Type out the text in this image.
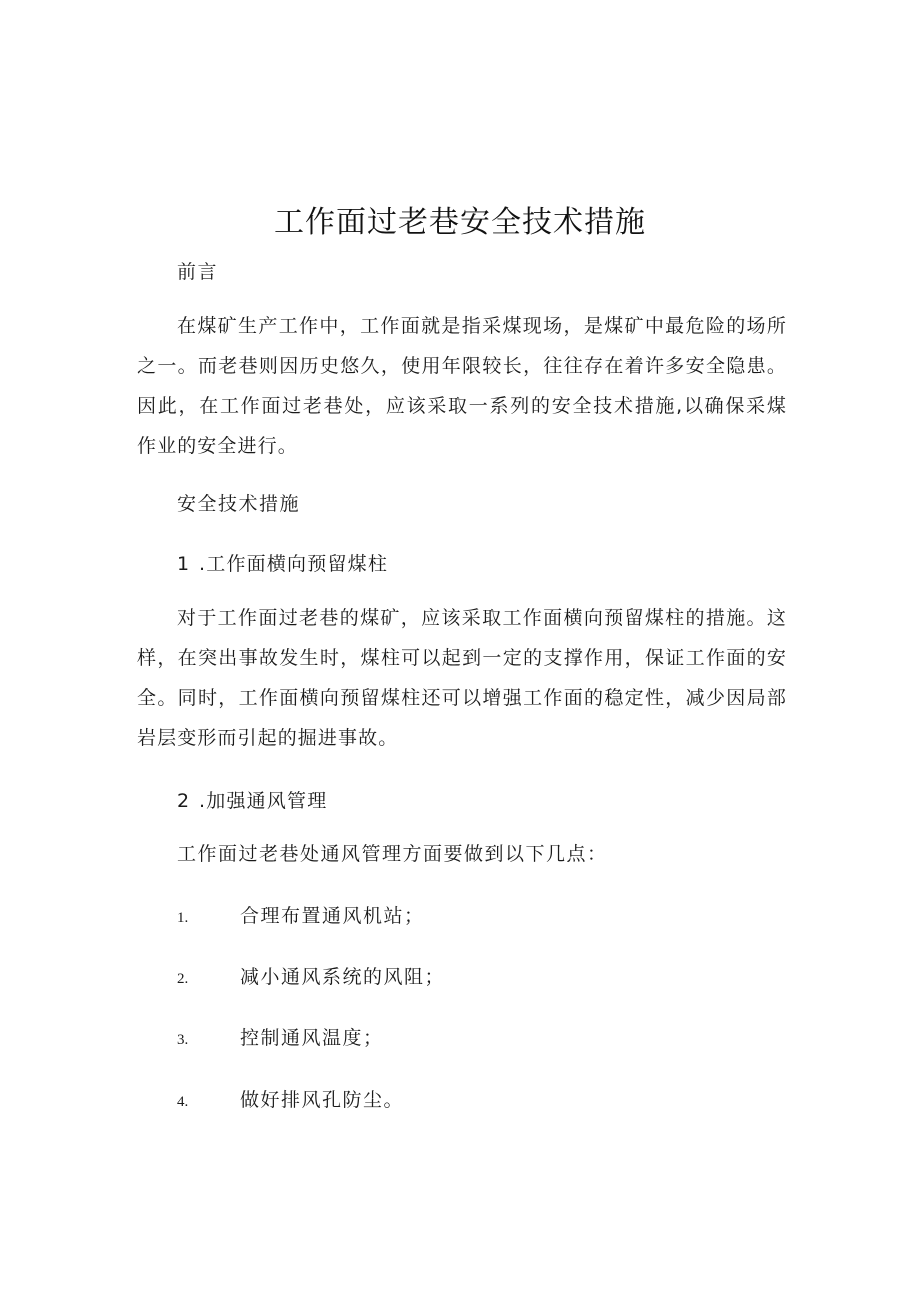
工作面过老巷安全技术措施

前言

在煤矿生产工作中，工作面就是指采煤现场，是煤矿中最危险的场所之一。而老巷则因历史悠久，使用年限较长，往往存在着许多安全隐患。因此，在工作面过老巷处，应该采取一系列的安全技术措施,以确保采煤作业的安全进行。

安全技术措施

1 .工作面横向预留煤柱

对于工作面过老巷的煤矿，应该采取工作面横向预留煤柱的措施。这样，在突出事故发生时，煤柱可以起到一定的支撑作用，保证工作面的安全。同时，工作面横向预留煤柱还可以增强工作面的稳定性，减少因局部岩层变形而引起的掘进事故。

2 .加强通风管理

工作面过老巷处通风管理方面要做到以下几点：

1.	合理布置通风机站；

2.	减小通风系统的风阻；

3.	控制通风温度；

4.	做好排风孔防尘。
